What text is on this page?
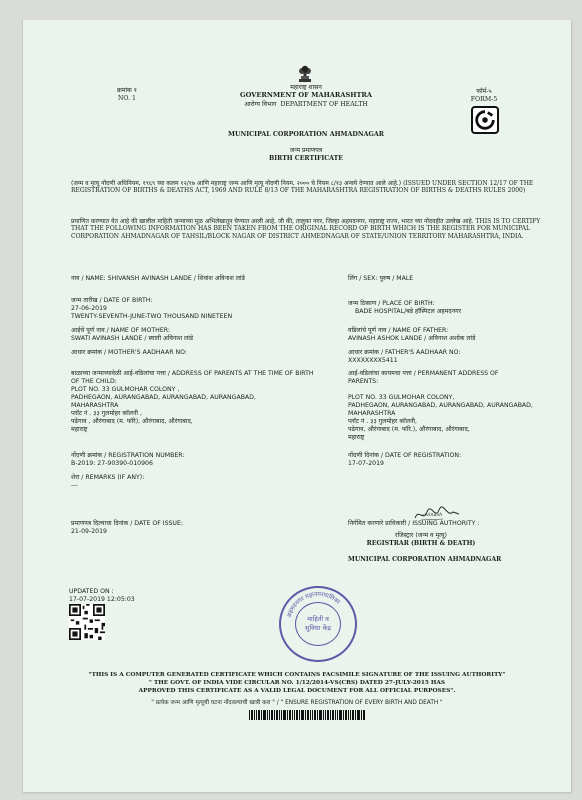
क्रमांक १
NO. 1
महाराष्ट्र शासन
GOVERNMENT OF MAHARASHTRA
आरोग्य विभाग DEPARTMENT OF HEALTH
फॉर्म-५
FORM-5
MUNICIPAL CORPORATION AHMADNAGAR
जन्म प्रमाणपत्र
BIRTH CERTIFICATE
(जन्म व मृत्यू नोंदणी अधिनियम, १९६९ च्या कलम १२/१७ आणि महाराष्ट्र जन्म आणि मृत्यू नोंदणी नियम, २००० चे नियम ८/१३ अन्वये देण्यात आले आहे.) (ISSUED UNDER SECTION 12/17 OF THE REGISTRATION OF BIRTHS & DEATHS ACT, 1969 AND RULE 8/13 OF THE MAHARASHTRA REGISTRATION OF BIRTHS & DEATHS RULES 2000)
प्रमाणित करण्यात येत आहे की खालील माहिती जन्माच्या मूळ अभिलेखातून घेण्यात आली आहे, जी की, तालुका नगर, जिल्हा अहमदनगर, महाराष्ट्र राज्य, भारत च्या नोंदवहीत उल्लेख आहे. THIS IS TO CERTIFY THAT THE FOLLOWING INFORMATION HAS BEEN TAKEN FROM THE ORIGINAL RECORD OF BIRTH WHICH IS THE REGISTER FOR MUNICIPAL CORPORATION AHMADNAGAR OF TAHSIL/BLOCK NAGAR OF DISTRICT AHMEDNAGAR OF STATE/UNION TERRITORY MAHARASHTRA, INDIA.
नाव / NAME: SHIVANSH AVINASH LANDE / शिवांश अविनाश लांडे	लिंग / SEX: पुरुष / MALE
जन्म तारीख / DATE OF BIRTH:
27-06-2019
TWENTY-SEVENTH-JUNE-TWO THOUSAND NINETEEN
जन्म ठिकाण / PLACE OF BIRTH:
BADE HOSPITAL/बडे हॉस्पिटल अहमदनगर
आईचे पूर्ण नाव / NAME OF MOTHER:
SWATI AVINASH LANDE / स्वाती अविनाश लांडे
वडिलांचे पूर्ण नाव / NAME OF FATHER:
AVINASH ASHOK LANDE / अविनाश अशोक लांडे
आधार क्रमांक / MOTHER'S AADHAAR NO:	आधार क्रमांक / FATHER'S AADHAAR NO:
XXXXXXXX5411
बाळाच्या जन्माच्यावेळी आई-वडिलांचा पत्ता / ADDRESS OF PARENTS AT THE TIME OF BIRTH
OF THE CHILD:
PLOT NO. 33 GULMOHAR COLONY ,
PADHEGAON, AURANGABAD, AURANGABAD, AURANGABAD,
MAHARASHTRA
प्लॉट नं . ३३ गुलमोहर कॉलनी ,
पढेगाव , औरंगाबाद (म. फॉरे), औरंगाबाद, औरंगाबाद,
महाराष्ट्र
आई-वडिलांचा कायमचा पत्ता / PERMANENT ADDRESS OF
PARENTS:
PLOT NO. 33 GULMOHAR COLONY,
PADHEGAON, AURANGABAD, AURANGABAD, AURANGABAD,
MAHARASHTRA
प्लॉट नं . ३३ गुलमोहर कॉलनी,
पढेगाव, औरंगाबाद (म. फॉरे.), औरंगाबाद, औरंगाबाद,
महाराष्ट्र
नोंदणी क्रमांक / REGISTRATION NUMBER:
B-2019: 27-90390-010906
नोंदणी दिनांक / DATE OF REGISTRATION:
17-07-2019
शेरा / REMARKS (IF ANY):
---
avinash
प्रमाणपत्र दिल्याचा दिनांक / DATE OF ISSUE:
21-09-2019
निर्गमित करणारे प्राधिकारी / ISSUING AUTHORITY :
रजिस्ट्रार (जन्म व मृत्यू)
REGISTRAR (BIRTH & DEATH)
MUNICIPAL CORPORATION AHMADNAGAR
UPDATED ON :
17-07-2019 12:05:03
अहमदनगर महानगरपालिका
माहिती व
सुविधा केंद्र
"THIS IS A COMPUTER GENERATED CERTIFICATE WHICH CONTAINS FACSIMILE SIGNATURE OF THE ISSUING AUTHORITY"
" THE GOVT. OF INDIA VIDE CIRCULAR NO. 1/12/2014-VS(CRS) DATED 27-JULY-2015 HAS
APPROVED THIS CERTIFICATE AS A VALID LEGAL DOCUMENT FOR ALL OFFICIAL PURPOSES".
" प्रत्येक जन्म आणि मृत्यूची घटना नोंदवल्याची खात्री करा " / " ENSURE REGISTRATION OF EVERY BIRTH AND DEATH "
